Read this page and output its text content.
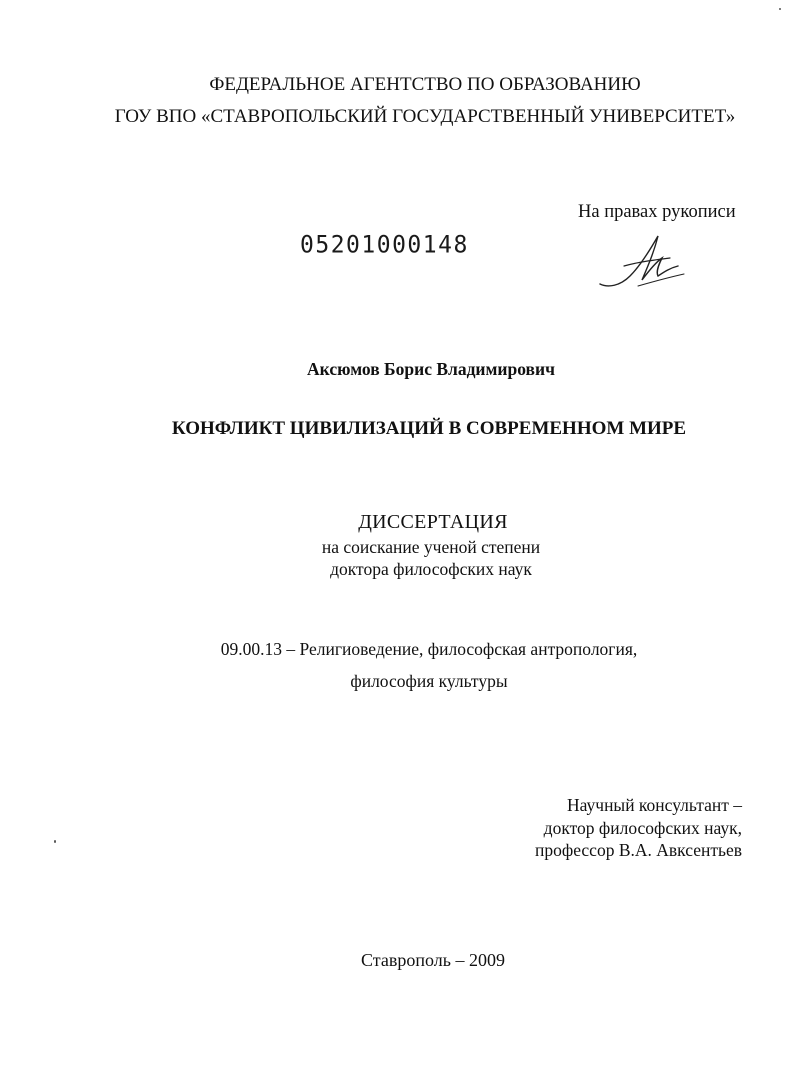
ФЕДЕРАЛЬНОЕ АГЕНТСТВО ПО ОБРАЗОВАНИЮ
ГОУ ВПО «СТАВРОПОЛЬСКИЙ ГОСУДАРСТВЕННЫЙ УНИВЕРСИТЕТ»
На правах рукописи
05201000148
Аксюмов Борис Владимирович
КОНФЛИКТ ЦИВИЛИЗАЦИЙ В СОВРЕМЕННОМ МИРЕ
ДИССЕРТАЦИЯ
на соискание ученой степени
доктора философских наук
09.00.13 – Религиоведение, философская антропология,
философия культуры
Научный консультант –
доктор философских наук,
профессор В.А. Авксентьев
Ставрополь – 2009
